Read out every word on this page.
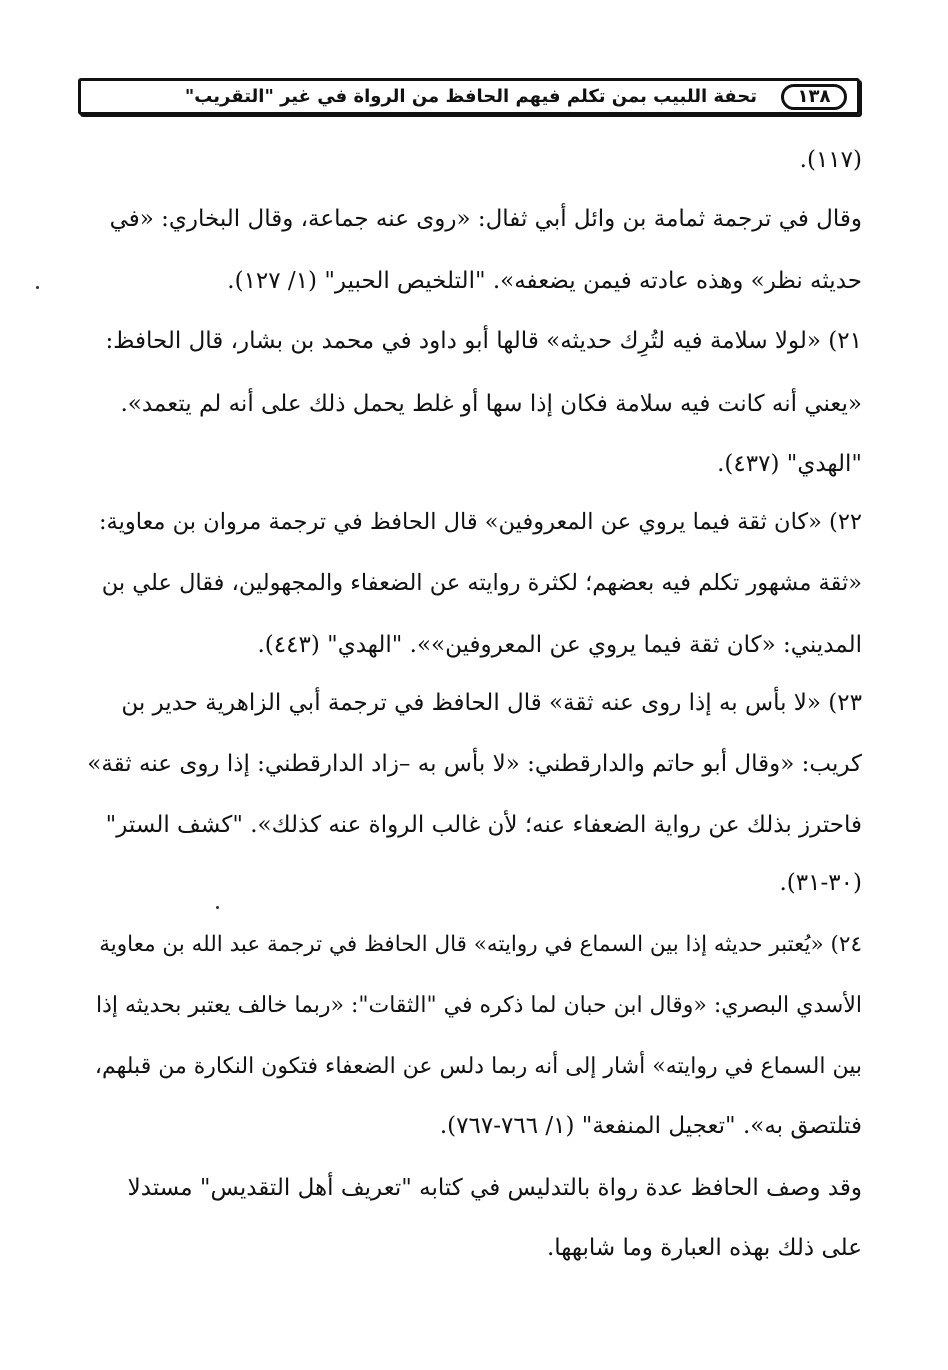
١٣٨
تحفة اللبيب بمن تكلم فيهم الحافظ من الرواة في غير "التقريب"
(١١٧).
وقال في ترجمة ثمامة بن وائل أبي ثفال: «روى عنه جماعة، وقال البخاري: «في
حديثه نظر» وهذه عادته فيمن يضعفه». "التلخيص الحبير" (١/ ١٢٧).
٢١) «لولا سلامة فيه لتُرِك حديثه» قالها أبو داود في محمد بن بشار، قال الحافظ:
«يعني أنه كانت فيه سلامة فكان إذا سها أو غلط يحمل ذلك على أنه لم يتعمد».
"الهدي" (٤٣٧).
٢٢) «كان ثقة فيما يروي عن المعروفين» قال الحافظ في ترجمة مروان بن معاوية:
«ثقة مشهور تكلم فيه بعضهم؛ لكثرة روايته عن الضعفاء والمجهولين، فقال علي بن
المديني: «كان ثقة فيما يروي عن المعروفين»». "الهدي" (٤٤٣).
٢٣) «لا بأس به إذا روى عنه ثقة» قال الحافظ في ترجمة أبي الزاهرية حدير بن
كريب: «وقال أبو حاتم والدارقطني: «لا بأس به –زاد الدارقطني: إذا روى عنه ثقة»
فاحترز بذلك عن رواية الضعفاء عنه؛ لأن غالب الرواة عنه كذلك». "كشف الستر"
(٣٠-٣١).
٢٤) «يُعتبر حديثه إذا بين السماع في روايته» قال الحافظ في ترجمة عبد الله بن معاوية
الأسدي البصري: «وقال ابن حبان لما ذكره في "الثقات": «ربما خالف يعتبر بحديثه إذا
بين السماع في روايته» أشار إلى أنه ربما دلس عن الضعفاء فتكون النكارة من قبلهم،
فتلتصق به». "تعجيل المنفعة" (١/ ٧٦٦-٧٦٧).
وقد وصف الحافظ عدة رواة بالتدليس في كتابه "تعريف أهل التقديس" مستدلا
على ذلك بهذه العبارة وما شابهها.
